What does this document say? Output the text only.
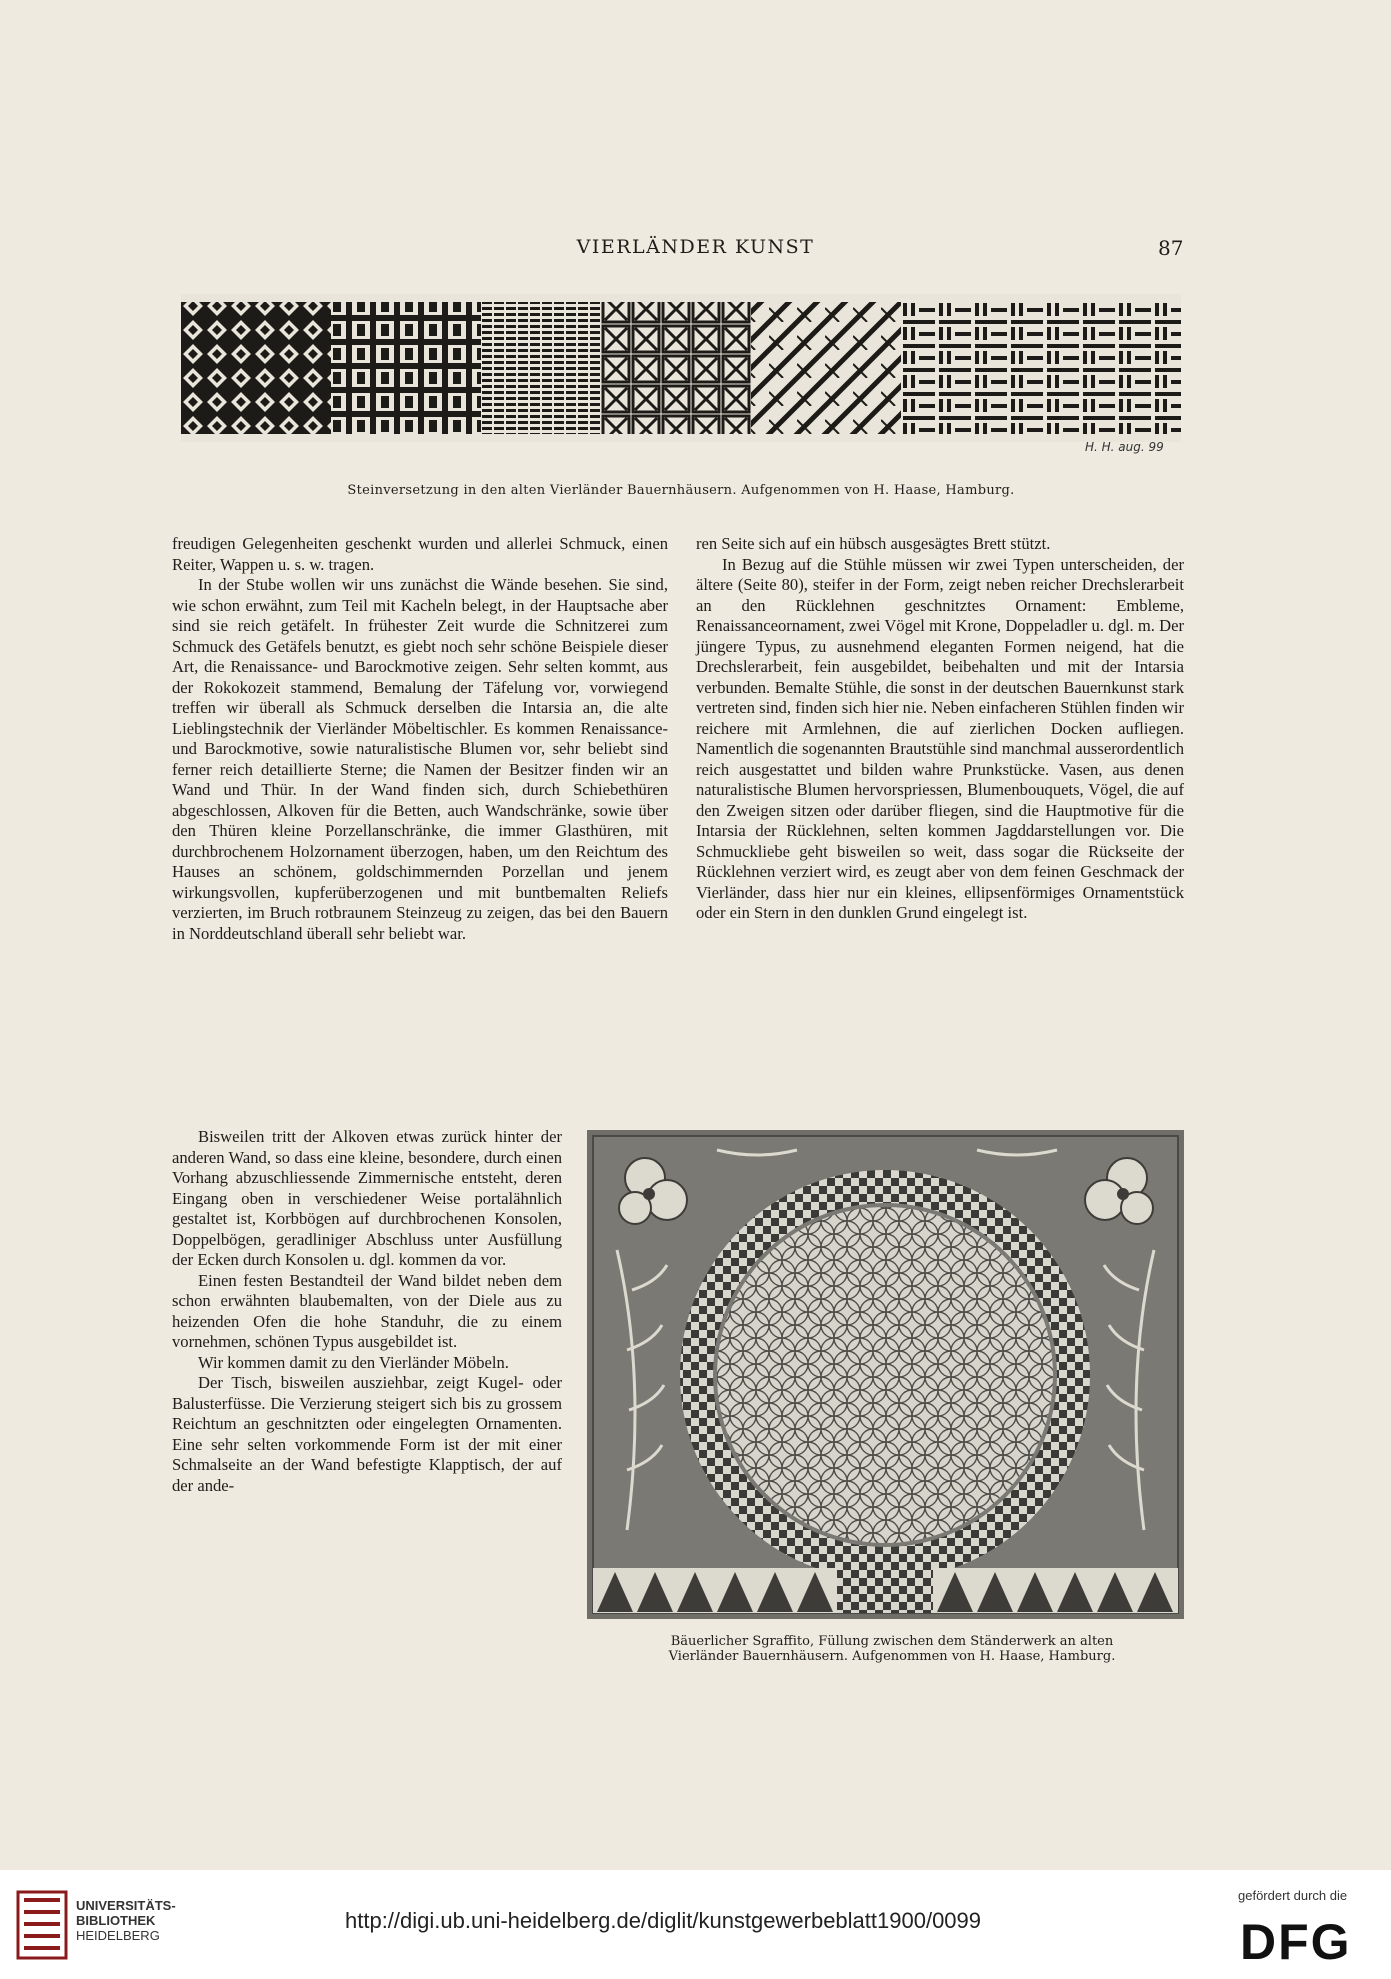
VIERLÄNDER KUNST	87
H. H. aug. 99
Steinversetzung in den alten Vierländer Bauernhäusern. Aufgenommen von H. Haase, Hamburg.

freudigen Gelegenheiten geschenkt wurden und allerlei Schmuck, einen Reiter, Wappen u. s. w. tragen.

In der Stube wollen wir uns zunächst die Wände besehen. Sie sind, wie schon erwähnt, zum Teil mit Kacheln belegt, in der Hauptsache aber sind sie reich getäfelt. In frühester Zeit wurde die Schnitzerei zum Schmuck des Getäfels benutzt, es giebt noch sehr schöne Beispiele dieser Art, die Renaissance- und Barockmotive zeigen. Sehr selten kommt, aus der Rokokozeit stammend, Bemalung der Täfelung vor, vorwiegend treffen wir überall als Schmuck derselben die Intarsia an, die alte Lieblingstechnik der Vierländer Möbeltischler. Es kommen Renaissance- und Barockmotive, sowie naturalistische Blumen vor, sehr beliebt sind ferner reich detaillierte Sterne; die Namen der Besitzer finden wir an Wand und Thür. In der Wand finden sich, durch Schiebethüren abgeschlossen, Alkoven für die Betten, auch Wandschränke, sowie über den Thüren kleine Porzellanschränke, die immer Glasthüren, mit durchbrochenem Holzornament überzogen, haben, um den Reichtum des Hauses an schönem, goldschimmernden Porzellan und jenem wirkungsvollen, kupferüberzogenen und mit buntbemalten Reliefs verzierten, im Bruch rotbraunem Steinzeug zu zeigen, das bei den Bauern in Norddeutschland überall sehr beliebt war.

ren Seite sich auf ein hübsch ausgesägtes Brett stützt.

In Bezug auf die Stühle müssen wir zwei Typen unterscheiden, der ältere (Seite 80), steifer in der Form, zeigt neben reicher Drechslerarbeit an den Rücklehnen geschnitztes Ornament: Embleme, Renaissanceornament, zwei Vögel mit Krone, Doppeladler u. dgl. m. Der jüngere Typus, zu ausnehmend eleganten Formen neigend, hat die Drechslerarbeit, fein ausgebildet, beibehalten und mit der Intarsia verbunden. Bemalte Stühle, die sonst in der deutschen Bauernkunst stark vertreten sind, finden sich hier nie. Neben einfacheren Stühlen finden wir reichere mit Armlehnen, die auf zierlichen Docken aufliegen. Namentlich die sogenannten Brautstühle sind manchmal ausserordentlich reich ausgestattet und bilden wahre Prunkstücke. Vasen, aus denen naturalistische Blumen hervorspriessen, Blumenbouquets, Vögel, die auf den Zweigen sitzen oder darüber fliegen, sind die Hauptmotive für die Intarsia der Rücklehnen, selten kommen Jagddarstellungen vor. Die Schmuckliebe geht bisweilen so weit, dass sogar die Rückseite der Rücklehnen verziert wird, es zeugt aber von dem feinen Geschmack der Vierländer, dass hier nur ein kleines, ellipsenförmiges Ornamentstück oder ein Stern in den dunklen Grund eingelegt ist.

Bisweilen tritt der Alkoven etwas zurück hinter der anderen Wand, so dass eine kleine, besondere, durch einen Vorhang abzuschliessende Zimmernische entsteht, deren Eingang oben in verschiedener Weise portalähnlich gestaltet ist, Korbbögen auf durchbrochenen Konsolen, Doppelbögen, geradliniger Abschluss unter Ausfüllung der Ecken durch Konsolen u. dgl. kommen da vor.

Einen festen Bestandteil der Wand bildet neben dem schon erwähnten blaubemalten, von der Diele aus zu heizenden Ofen die hohe Standuhr, die zu einem vornehmen, schönen Typus ausgebildet ist.

Wir kommen damit zu den Vierländer Möbeln.

Der Tisch, bisweilen ausziehbar, zeigt Kugel- oder Balusterfüsse. Die Verzierung steigert sich bis zu grossem Reichtum an geschnitzten oder eingelegten Ornamenten. Eine sehr selten vorkommende Form ist der mit einer Schmalseite an der Wand befestigte Klapptisch, der auf der ande-

Bäuerlicher Sgraffito, Füllung zwischen dem Ständerwerk an alten
Vierländer Bauernhäusern. Aufgenommen von H. Haase, Hamburg.
UNIVERSITÄTS-
BIBLIOTHEK
HEIDELBERG
http://digi.ub.uni-heidelberg.de/diglit/kunstgewerbeblatt1900/0099
gefördert durch die
DFG
